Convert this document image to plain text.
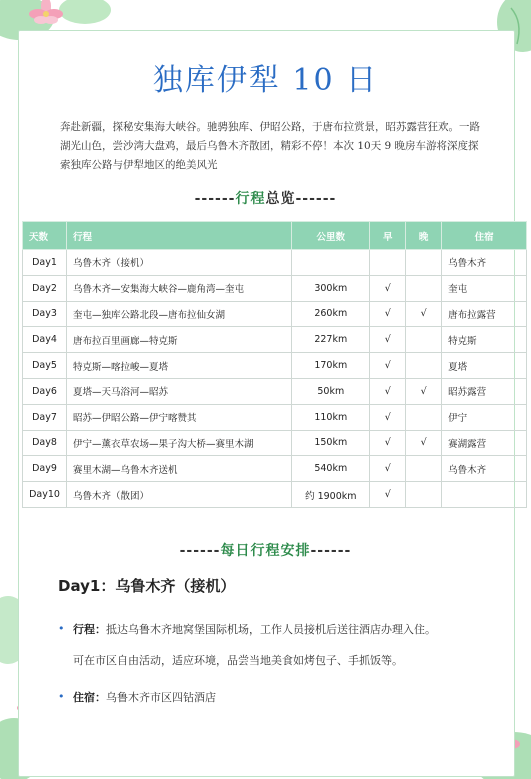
独库伊犁 10 日
奔赴新疆，探秘安集海大峡谷。驰骋独库、伊昭公路，于唐布拉赏景，昭苏露营狂欢。一路湖光山色，尝沙湾大盘鸡，最后乌鲁木齐散团，精彩不停！本次 10天 9 晚房车游将深度探索独库公路与伊犁地区的绝美风光
------行程总览------
天数	行程	公里数	早	晚	住宿
Day1	乌鲁木齐（接机）				乌鲁木齐
Day2	乌鲁木齐—安集海大峡谷—鹿角湾—奎屯	300km	√		奎屯
Day3	奎屯—独库公路北段—唐布拉仙女湖	260km	√	√	唐布拉露营
Day4	唐布拉百里画廊—特克斯	227km	√		特克斯
Day5	特克斯—喀拉峻—夏塔	170km	√		夏塔
Day6	夏塔—天马浴河—昭苏	50km	√	√	昭苏露营
Day7	昭苏—伊昭公路—伊宁喀赞其	110km	√		伊宁
Day8	伊宁—薰衣草农场—果子沟大桥—赛里木湖	150km	√	√	赛湖露营
Day9	赛里木湖—乌鲁木齐送机	540km	√		乌鲁木齐
Day10	乌鲁木齐（散团）	约 1900km	√		
------每日行程安排------
Day1：乌鲁木齐（接机）
• 行程：抵达乌鲁木齐地窝堡国际机场，工作人员接机后送往酒店办理入住。
可在市区自由活动，适应环境，品尝当地美食如烤包子、手抓饭等。
• 住宿：乌鲁木齐市区四钻酒店
